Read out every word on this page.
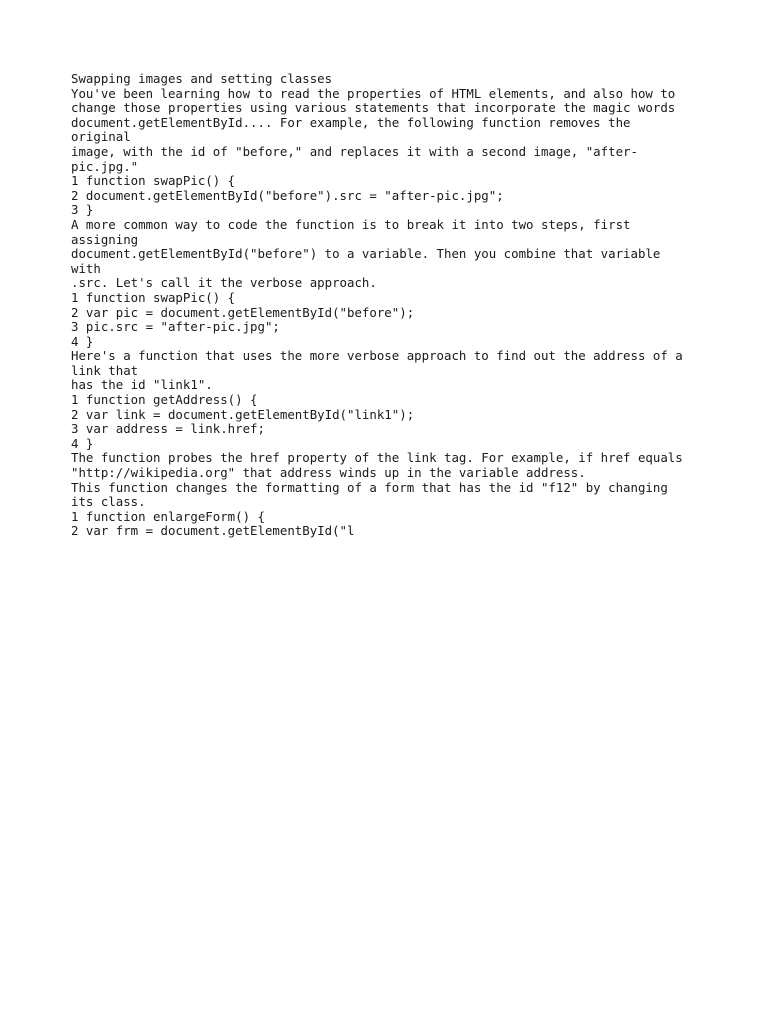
Swapping images and setting classes
You've been learning how to read the properties of HTML elements, and also how to
change those properties using various statements that incorporate the magic words
document.getElementById.... For example, the following function removes the
original
image, with the id of "before," and replaces it with a second image, "after-
pic.jpg."
1 function swapPic() {
2 document.getElementById("before").src = "after-pic.jpg";
3 }
A more common way to code the function is to break it into two steps, first
assigning
document.getElementById("before") to a variable. Then you combine that variable
with
.src. Let's call it the verbose approach.
1 function swapPic() {
2 var pic = document.getElementById("before");
3 pic.src = "after-pic.jpg";
4 }
Here's a function that uses the more verbose approach to find out the address of a
link that
has the id "link1".
1 function getAddress() {
2 var link = document.getElementById("link1");
3 var address = link.href;
4 }
The function probes the href property of the link tag. For example, if href equals
"http://wikipedia.org" that address winds up in the variable address.
This function changes the formatting of a form that has the id "f12" by changing
its class.
1 function enlargeForm() {
2 var frm = document.getElementById("l
